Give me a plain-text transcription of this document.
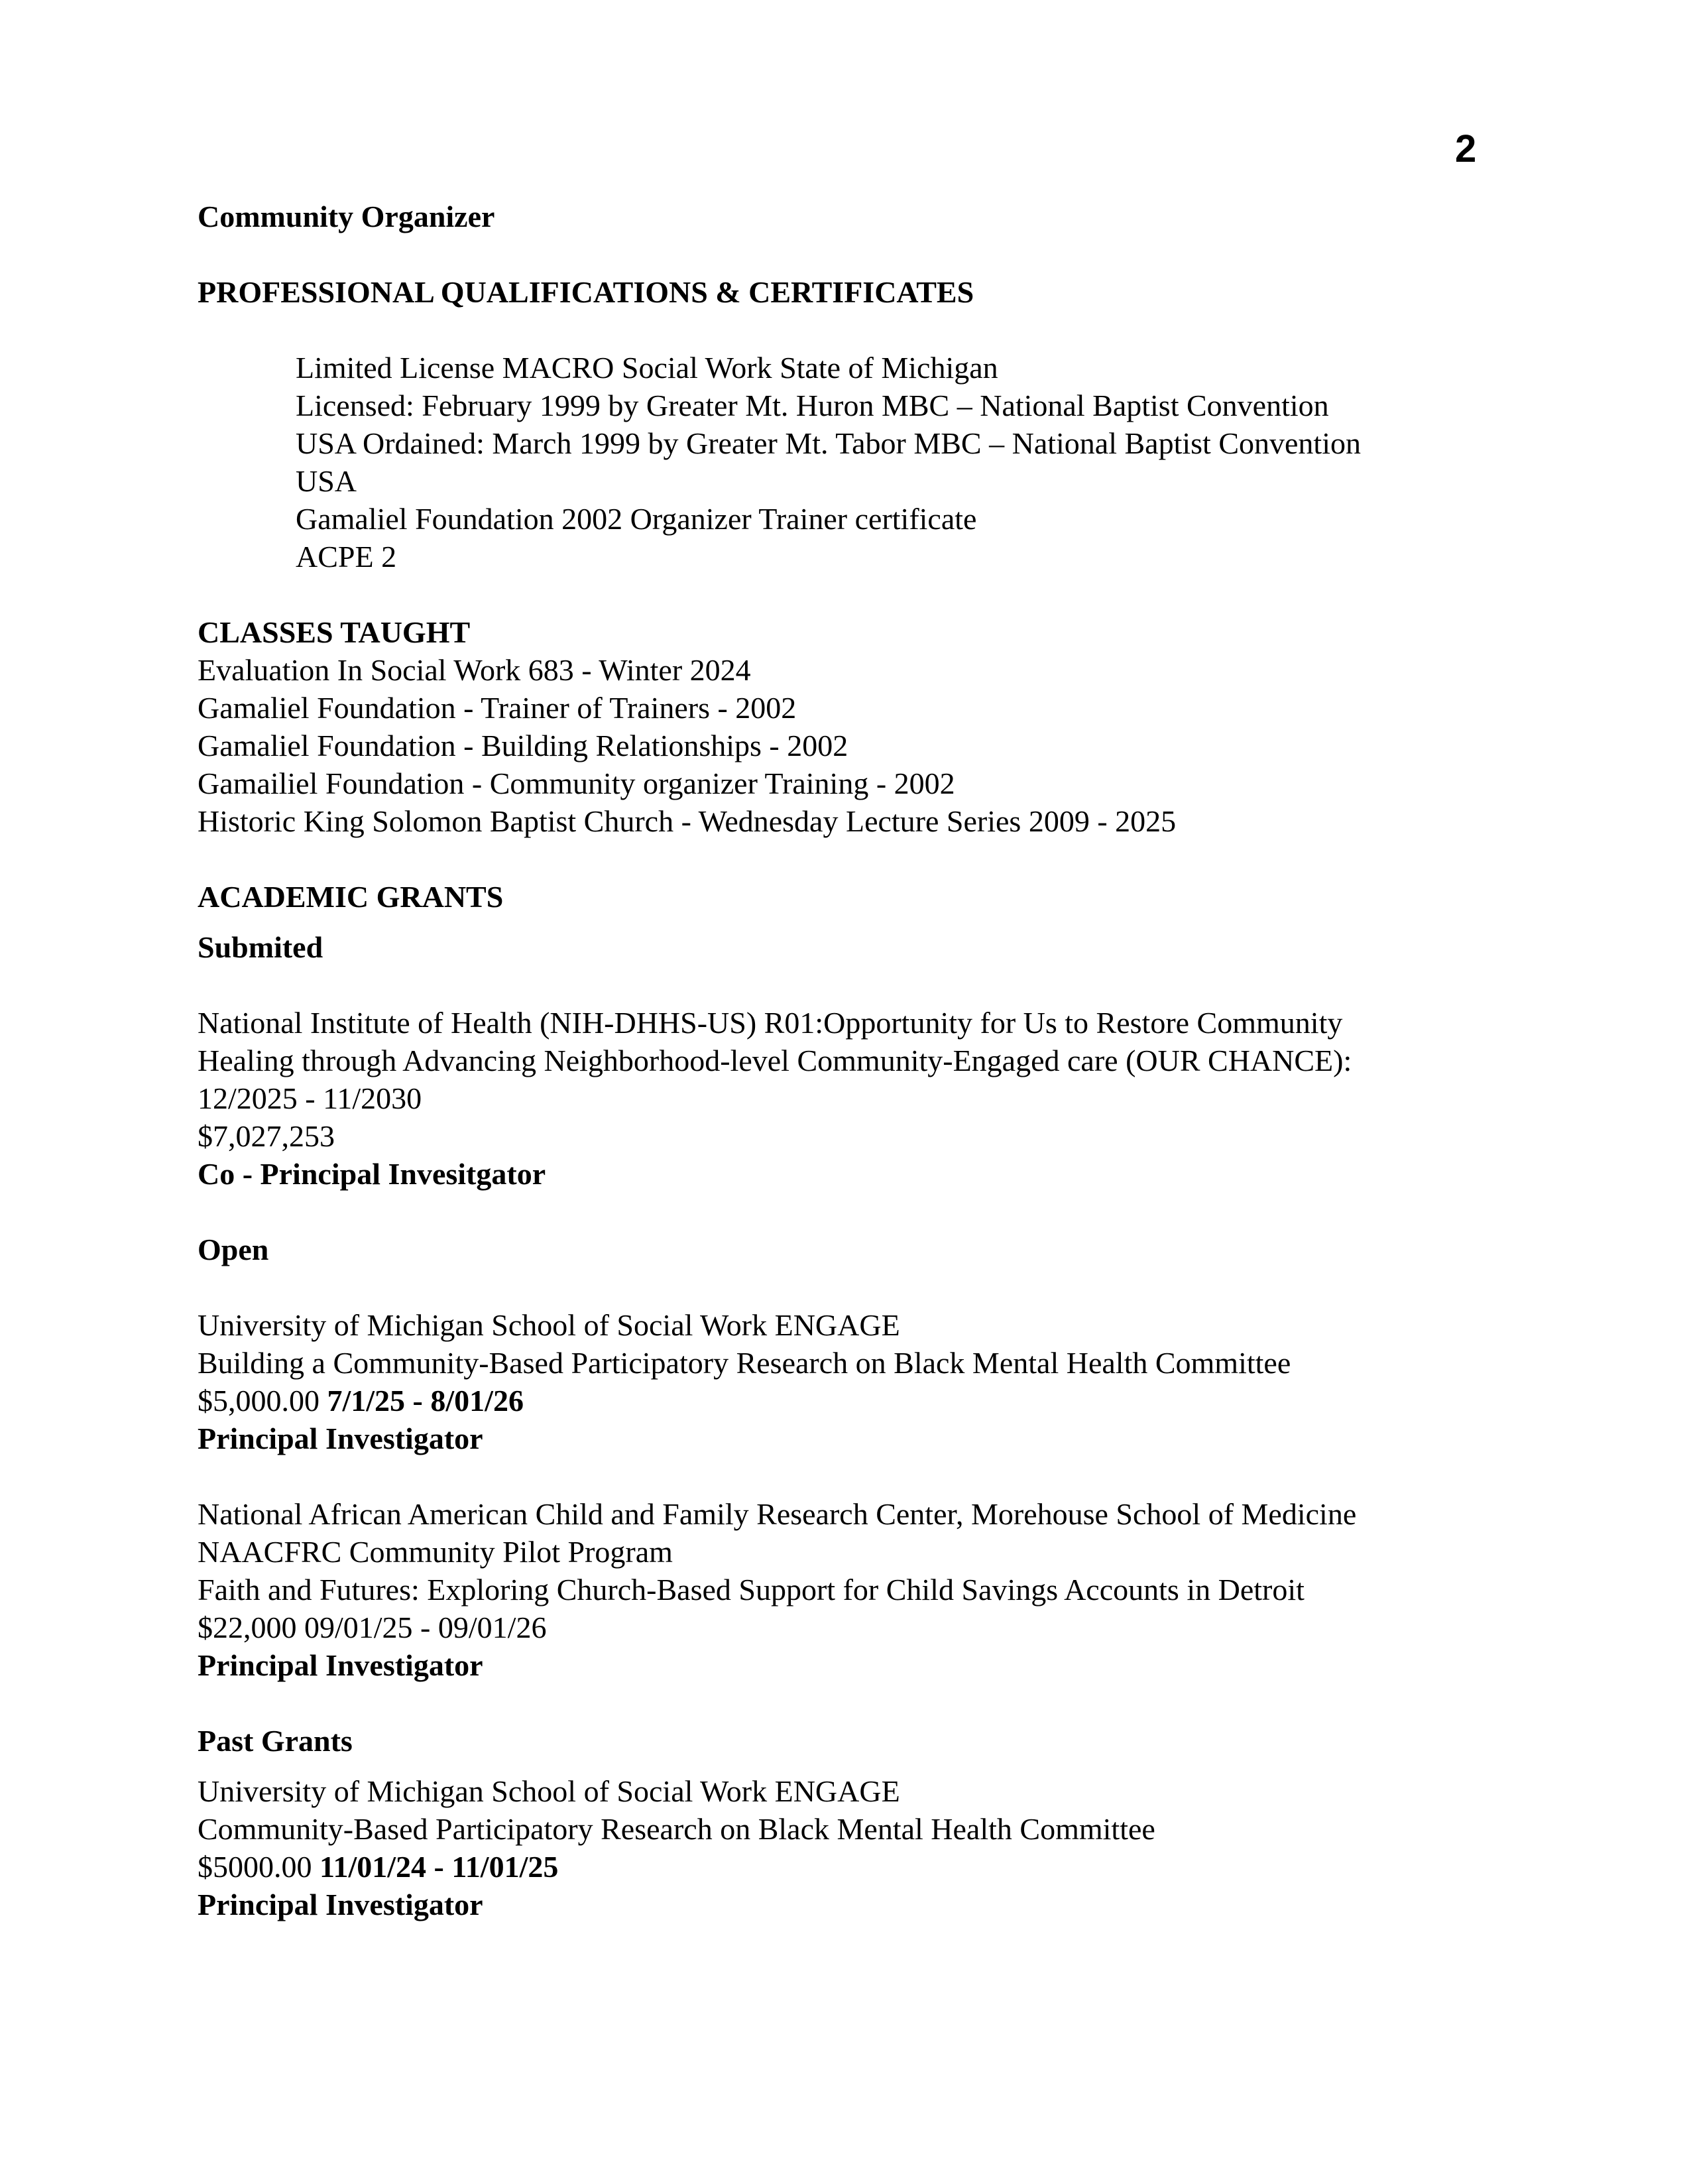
2
Community Organizer
PROFESSIONAL QUALIFICATIONS & CERTIFICATES
Limited License MACRO Social Work State of Michigan
Licensed: February 1999 by Greater Mt. Huron MBC – National Baptist Convention
USA Ordained: March 1999 by Greater Mt. Tabor MBC – National Baptist Convention
USA
Gamaliel Foundation 2002 Organizer Trainer certificate
ACPE 2
CLASSES TAUGHT
Evaluation In Social Work 683 - Winter 2024
Gamaliel Foundation - Trainer of Trainers - 2002
Gamaliel Foundation - Building Relationships - 2002
Gamailiel Foundation - Community organizer Training - 2002
Historic King Solomon Baptist Church - Wednesday Lecture Series 2009 - 2025
ACADEMIC GRANTS
Submited
National Institute of Health (NIH-DHHS-US) R01:Opportunity for Us to Restore Community
Healing through Advancing Neighborhood-level Community-Engaged care (OUR CHANCE):
12/2025 - 11/2030
$7,027,253
Co - Principal Invesitgator
Open
University of Michigan School of Social Work ENGAGE
Building a Community-Based Participatory Research on Black Mental Health Committee
$5,000.00 7/1/25 - 8/01/26
Principal Investigator
National African American Child and Family Research Center, Morehouse School of Medicine
NAACFRC Community Pilot Program
Faith and Futures: Exploring Church-Based Support for Child Savings Accounts in Detroit
$22,000 09/01/25 - 09/01/26
Principal Investigator
Past Grants
University of Michigan School of Social Work ENGAGE
Community-Based Participatory Research on Black Mental Health Committee
$5000.00 11/01/24 - 11/01/25
Principal Investigator
